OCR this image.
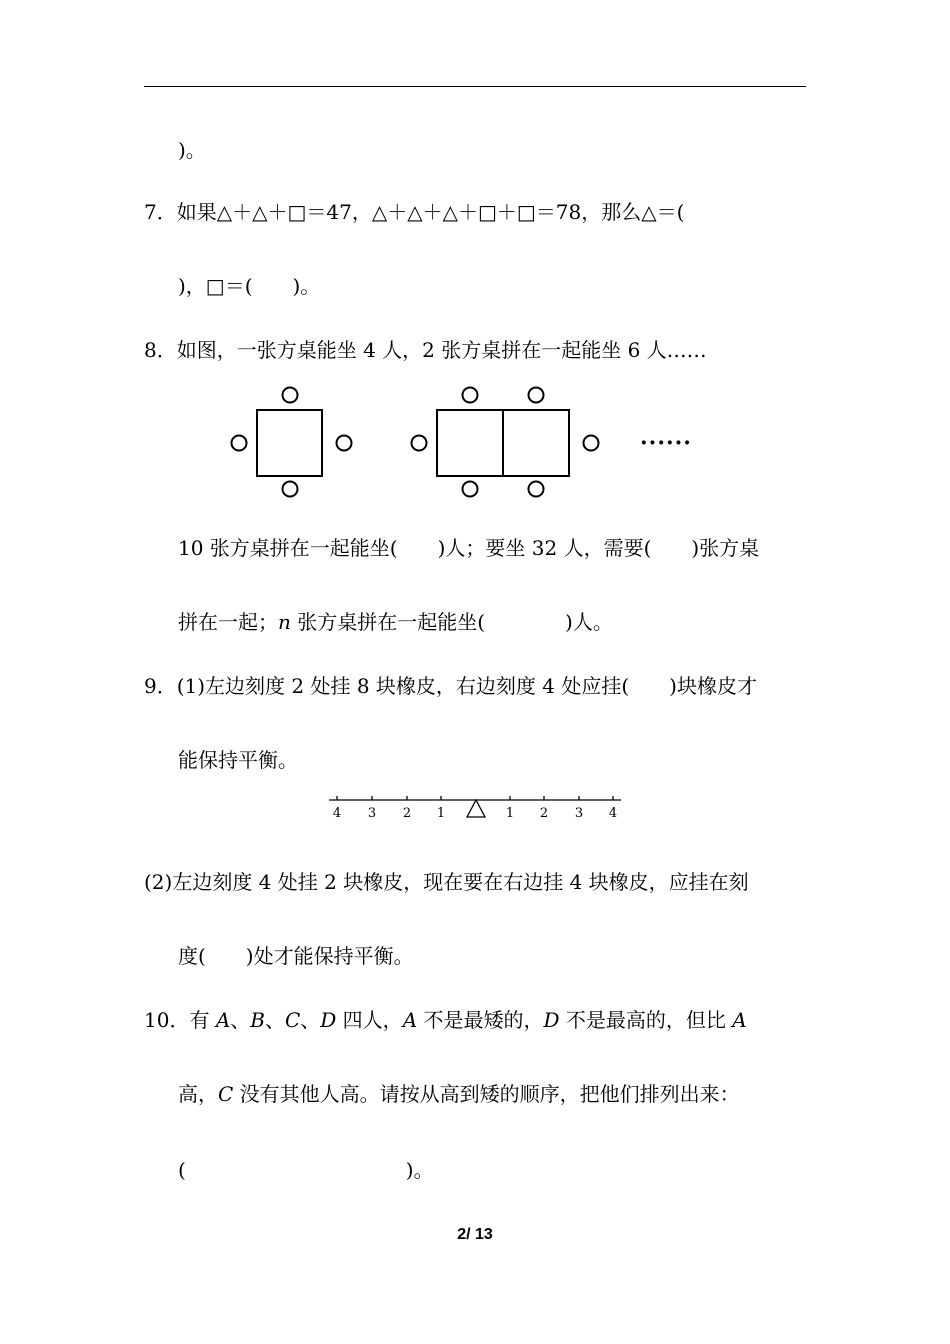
)。
7．如果△＋△＋□＝47，△＋△＋△＋□＋□＝78，那么△＝(
)，□＝(　　)。
8．如图，一张方桌能坐 4 人，2 张方桌拼在一起能坐 6 人……
······
10 张方桌拼在一起能坐(　　)人；要坐 32 人，需要(　　)张方桌
拼在一起；n 张方桌拼在一起能坐(　　　　)人。
9．(1)左边刻度 2 处挂 8 块橡皮，右边刻度 4 处应挂(　　)块橡皮才
能保持平衡。
4 3 2 1	1 2 3 4
(2)左边刻度 4 处挂 2 块橡皮，现在要在右边挂 4 块橡皮，应挂在刻
度(　　)处才能保持平衡。
10．有 A、B、C、D 四人，A 不是最矮的，D 不是最高的，但比 A
高，C 没有其他人高。请按从高到矮的顺序，把他们排列出来：
(　　　　　　　　　　　)。
2/ 13
